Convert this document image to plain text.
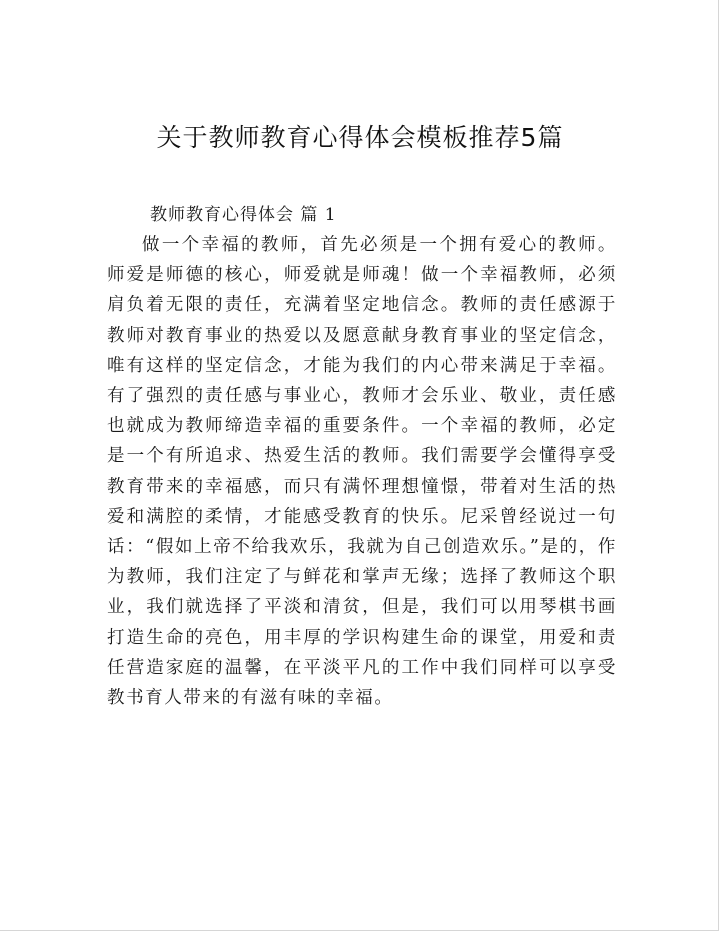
关于教师教育心得体会模板推荐5篇
教师教育心得体会 篇 1

做一个幸福的教师，首先必须是一个拥有爱心的教师。师爱是师德的核心，师爱就是师魂！做一个幸福教师，必须肩负着无限的责任，充满着坚定地信念。教师的责任感源于教师对教育事业的热爱以及愿意献身教育事业的坚定信念，唯有这样的坚定信念，才能为我们的内心带来满足于幸福。有了强烈的责任感与事业心，教师才会乐业、敬业，责任感也就成为教师缔造幸福的重要条件。一个幸福的教师，必定是一个有所追求、热爱生活的教师。我们需要学会懂得享受教育带来的幸福感，而只有满怀理想憧憬，带着对生活的热爱和满腔的柔情，才能感受教育的快乐。尼采曾经说过一句话：“假如上帝不给我欢乐，我就为自己创造欢乐。”是的，作为教师，我们注定了与鲜花和掌声无缘；选择了教师这个职业，我们就选择了平淡和清贫，但是，我们可以用琴棋书画打造生命的亮色，用丰厚的学识构建生命的课堂，用爱和责任营造家庭的温馨，在平淡平凡的工作中我们同样可以享受教书育人带来的有滋有味的幸福。
